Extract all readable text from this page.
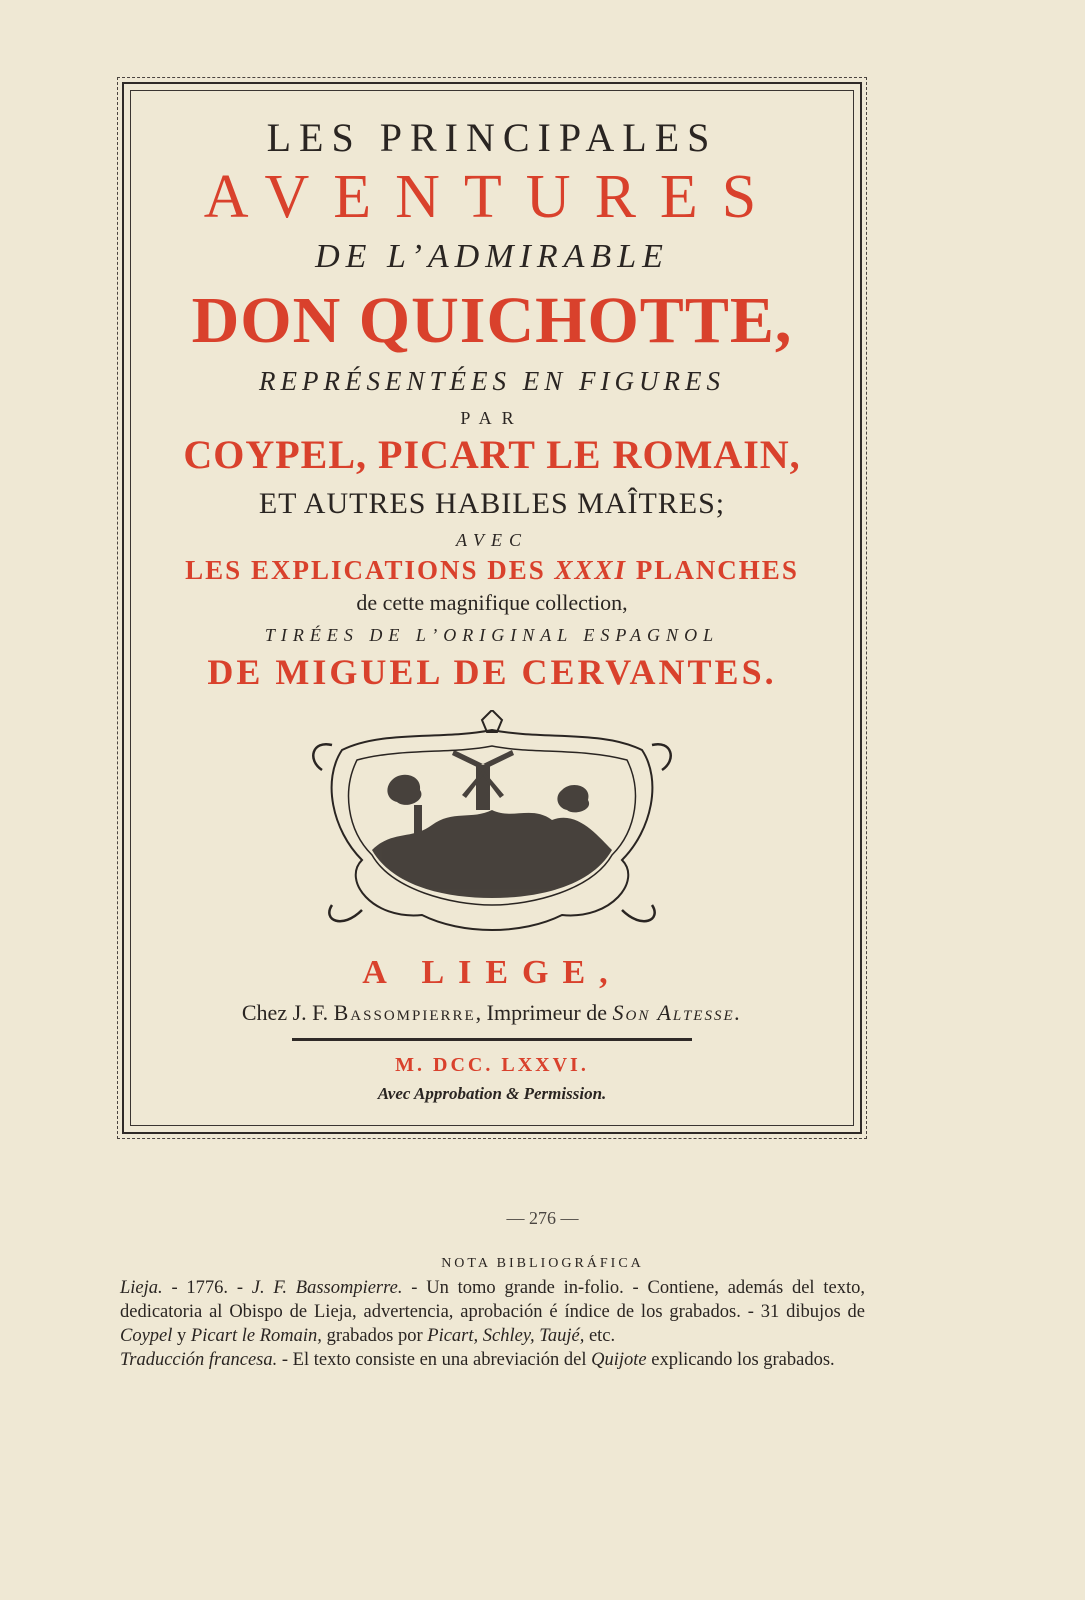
LES PRINCIPALES

AVENTURES

DE L’ADMIRABLE

DON QUICHOTTE,

REPRÉSENTÉES EN FIGURES

PAR

COYPEL, PICART LE ROMAIN,

ET AUTRES HABILES MAÎTRES;

AVEC

LES EXPLICATIONS DES XXXI PLANCHES

de cette magnifique collection,

TIRÉES DE L’ORIGINAL ESPAGNOL

DE MIGUEL DE CERVANTES.

A LIEGE,

Chez J. F. Bassompierre, Imprimeur de Son Altesse.

M. DCC. LXXVI.

Avec Approbation & Permission.

— 276 —
NOTA BIBLIOGRÁFICA

Lieja. - 1776. - J. F. Bassompierre. - Un tomo grande in-folio. - Contiene, además del texto, dedicatoria al Obispo de Lieja, advertencia, aprobación é índice de los grabados. - 31 dibujos de Coypel y Picart le Romain, grabados por Picart, Schley, Taujé, etc.

Traducción francesa. - El texto consiste en una abreviación del Quijote explicando los grabados.
